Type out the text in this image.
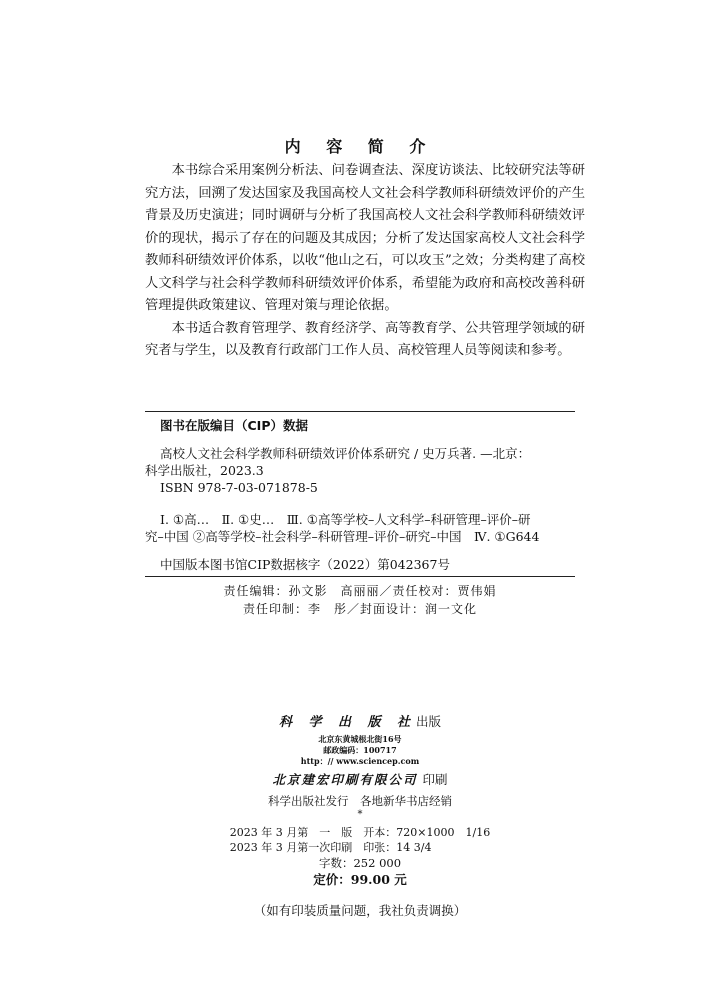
内 容 简 介

本书综合采用案例分析法、问卷调查法、深度访谈法、比较研究法等研究方法，回溯了发达国家及我国高校人文社会科学教师科研绩效评价的产生背景及历史演进；同时调研与分析了我国高校人文社会科学教师科研绩效评价的现状，揭示了存在的问题及其成因；分析了发达国家高校人文社会科学教师科研绩效评价体系，以收“他山之石，可以攻玉”之效；分类构建了高校人文科学与社会科学教师科研绩效评价体系，希望能为政府和高校改善科研管理提供政策建议、管理对策与理论依据。

本书适合教育管理学、教育经济学、高等教育学、公共管理学领域的研究者与学生，以及教育行政部门工作人员、高校管理人员等阅读和参考。

图书在版编目（CIP）数据
高校人文社会科学教师科研绩效评价体系研究 / 史万兵著. —北京：
科学出版社，2023.3
ISBN 978-7-03-071878-5
Ⅰ. ①高…　Ⅱ. ①史…　Ⅲ. ①高等学校–人文科学–科研管理–评价–研
究–中国 ②高等学校–社会科学–科研管理–评价–研究–中国　Ⅳ. ①G644
中国版本图书馆CIP数据核字（2022）第042367号
责任编辑：孙文影　高丽丽／责任校对：贾伟娟
责任印制：李　彤／封面设计：润一文化
科 学 出 版 社出版
北京东黄城根北街16号
邮政编码：100717
http：// www.sciencep.com
北京建宏印刷有限公司 印刷
科学出版社发行　各地新华书店经销
*
2023 年 3 月第　一　版　开本：720×1000　1/16
2023 年 3 月第一次印刷　印张：14 3/4
字数：252 000
定价：99.00 元
（如有印装质量问题，我社负责调换）
